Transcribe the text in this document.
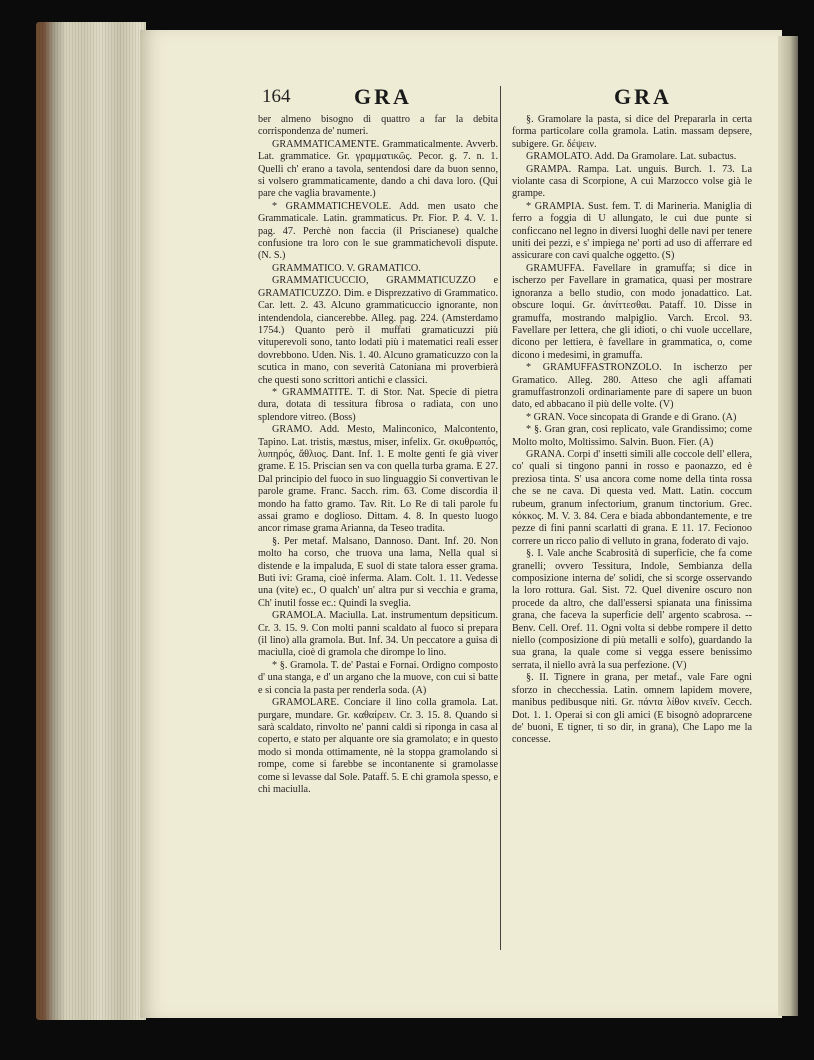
164	GRA	GRA

ber almeno bisogno di quattro a far la debita corrispondenza de' numeri.

GRAMMATICAMENTE. Grammaticalmente. Avverb. Lat. grammatice. Gr. γραμματικῶς. Pecor. g. 7. n. 1. Quelli ch' erano a tavola, sentendosi dare da buon senno, si volsero grammaticamente, dando a chi dava loro. (Qui pare che vaglia bravamente.)

* GRAMMATICHEVOLE. Add. men usato che Grammaticale. Latin. grammaticus. Pr. Fior. P. 4. V. 1. pag. 47. Perchè non faccia (il Priscianese) qualche confusione tra loro con le sue grammatichevoli dispute. (N. S.)

GRAMMATICO. V. GRAMATICO.

GRAMMATICUCCIO, GRAMMATICUZZO e GRAMATICUZZO. Dim. e Disprezzativo di Grammatico. Car. lett. 2. 43. Alcuno grammaticuccio ignorante, non intendendola, ciancerebbe. Alleg. pag. 224. (Amsterdamo 1754.) Quanto però il muffati gramaticuzzi più vituperevoli sono, tanto lodati più i matematici reali esser dovrebbono. Uden. Nis. 1. 40. Alcuno gramaticuzzo con la scutica in mano, con severità Catoniana mi proverbierà che questi sono scrittori antichi e classici.

* GRAMMATITE. T. di Stor. Nat. Specie di pietra dura, dotata di tessitura fibrosa o radiata, con uno splendore vitreo. (Boss)

GRAMO. Add. Mesto, Malinconico, Malcontento, Tapino. Lat. tristis, mæstus, miser, infelix. Gr. σκυθρωπός, λυπηρός, ἄθλιος. Dant. Inf. 1. E molte genti fe già viver grame. E 15. Priscian sen va con quella turba grama. E 27. Dal principio del fuoco in suo linguaggio Si convertivan le parole grame. Franc. Sacch. rim. 63. Come discordia il mondo ha fatto gramo. Tav. Rit. Lo Re di tali parole fu assai gramo e doglioso. Dittam. 4. 8. In questo luogo ancor rimase grama Arianna, da Teseo tradita.

§. Per metaf. Malsano, Dannoso. Dant. Inf. 20. Non molto ha corso, che truova una lama, Nella qual si distende e la impaluda, E suol di state talora esser grama. Buti ivi: Grama, cioè inferma. Alam. Colt. 1. 11. Vedesse una (vite) ec., O qualch' un' altra pur sì vecchia e grama, Ch' inutil fosse ec.: Quindi la sveglia.

GRAMOLA. Maciulla. Lat. instrumentum depsiticum. Cr. 3. 15. 9. Con molti panni scaldato al fuoco si prepara (il lino) alla gramola. But. Inf. 34. Un peccatore a guisa di maciulla, cioè di gramola che dirompe lo lino.

* §. Gramola. T. de' Pastai e Fornai. Ordigno composto d' una stanga, e d' un argano che la muove, con cui si batte e si concia la pasta per renderla soda. (A)

GRAMOLARE. Conciare il lino colla gramola. Lat. purgare, mundare. Gr. καθαίρειν. Cr. 3. 15. 8. Quando si sarà scaldato, rinvolto ne' panni caldi si riponga in casa al coperto, e stato per alquante ore sia gramolato; e in questo modo si monda ottimamente, nè la stoppa gramolando si rompe, come si farebbe se incontanente si gramolasse come si levasse dal Sole. Pataff. 5. E chi gramola spesso, e chi maciulla.

§. Gramolare la pasta, si dice del Prepararla in certa forma particolare colla gramola. Latin. massam depsere, subigere. Gr. δέψειν.

GRAMOLATO. Add. Da Gramolare. Lat. subactus.

GRAMPA. Rampa. Lat. unguis. Burch. 1. 73. La violante casa di Scorpione, A cui Marzocco volse già le grampe.

* GRAMPIA. Sust. fem. T. di Marineria. Maniglia di ferro a foggia di U allungato, le cui due punte si conficcano nel legno in diversi luoghi delle navi per tenere uniti dei pezzi, e s' impiega ne' porti ad uso di afferrare ed assicurare con cavi qualche oggetto. (S)

GRAMUFFA. Favellare in gramuffa; si dice in ischerzo per Favellare in gramatica, quasi per mostrare ignoranza a bello studio, con modo jonadattico. Lat. obscure loqui. Gr. ἀινίττεσθαι. Pataff. 10. Disse in gramuffa, mostrando malpiglio. Varch. Ercol. 93. Favellare per lettera, che gli idioti, o chi vuole uccellare, dicono per lettiera, è favellare in grammatica, o, come dicono i medesimi, in gramuffa.

* GRAMUFFASTRONZOLO. In ischerzo per Gramatico. Alleg. 280. Atteso che agli affamati gramuffastronzoli ordinariamente pare di sapere un buon dato, ed abbacano il più delle volte. (V)

* GRAN. Voce sincopata di Grande e di Grano. (A)

* §. Gran gran, così replicato, vale Grandissimo; come Molto molto, Moltissimo. Salvin. Buon. Fier. (A)

GRANA. Corpi d' insetti simili alle coccole dell' ellera, co' quali si tingono panni in rosso e paonazzo, ed è preziosa tinta. S' usa ancora come nome della tinta rossa che se ne cava. Di questa ved. Matt. Latin. coccum rubeum, granum infectorium, granum tinctorium. Grec. κόκκος. M. V. 3. 84. Cera e biada abbondantemente, e tre pezze di fini panni scarlatti di grana. E 11. 17. Fecionoo correre un ricco palio di velluto in grana, foderato di vajo.

§. I. Vale anche Scabrosità di superficie, che fa come granelli; ovvero Tessitura, Indole, Sembianza della composizione interna de' solidi, che si scorge osservando la loro rottura. Gal. Sist. 72. Quel divenire oscuro non procede da altro, che dall'essersi spianata una finissima grana, che faceva la superficie dell' argento scabrosa. -- Benv. Cell. Oref. 11. Ogni volta si debbe rompere il detto niello (composizione di più metalli e solfo), guardando la sua grana, la quale come si vegga essere benissimo serrata, il niello avrà la sua perfezione. (V)

§. II. Tignere in grana, per metaf., vale Fare ogni sforzo in checchessia. Latin. omnem lapidem movere, manibus pedibusque niti. Gr. πάντα λίθον κινεῖν. Cecch. Dot. 1. 1. Operai si con gli amici (E bisognò adoprarcene de' buoni, E tigner, ti so dir, in grana), Che Lapo me la concesse.
